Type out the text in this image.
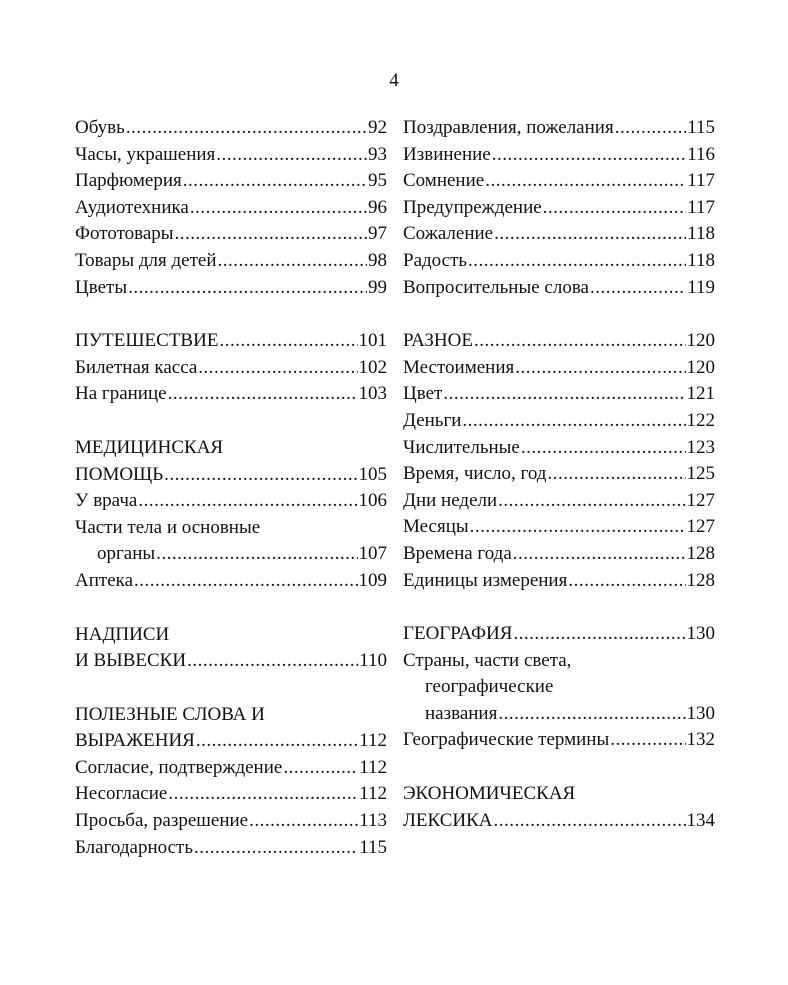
4
Обувь .....	92
Часы, украшения .....	93
Парфюмерия .....	95
Аудиотехника .....	96
Фототовары .....	97
Товары для детей .....	98
Цветы .....	99
ПУТЕШЕСТВИЕ .....	101
Билетная касса .....	102
На границе .....	103
МЕДИЦИНСКАЯ
ПОМОЩЬ .....	105
У врача .....	106
Части тела и основные
органы .....	107
Аптека .....	109
НАДПИСИ
И ВЫВЕСКИ .....	110
ПОЛЕЗНЫЕ СЛОВА И
ВЫРАЖЕНИЯ .....	112
Согласие, подтверждение .....	112
Несогласие .....	112
Просьба, разрешение .....	113
Благодарность .....	115
Поздравления, пожелания .....	115
Извинение .....	116
Сомнение .....	117
Предупреждение .....	117
Сожаление .....	118
Радость .....	118
Вопросительные слова .....	119
РАЗНОЕ .....	120
Местоимения .....	120
Цвет .....	121
Деньги .....	122
Числительные .....	123
Время, число, год .....	125
Дни недели .....	127
Месяцы .....	127
Времена года .....	128
Единицы измерения .....	128
ГЕОГРАФИЯ .....	130
Страны, части света,
географические
названия .....	130
Географические термины .....	132
ЭКОНОМИЧЕСКАЯ
ЛЕКСИКА .....	134
